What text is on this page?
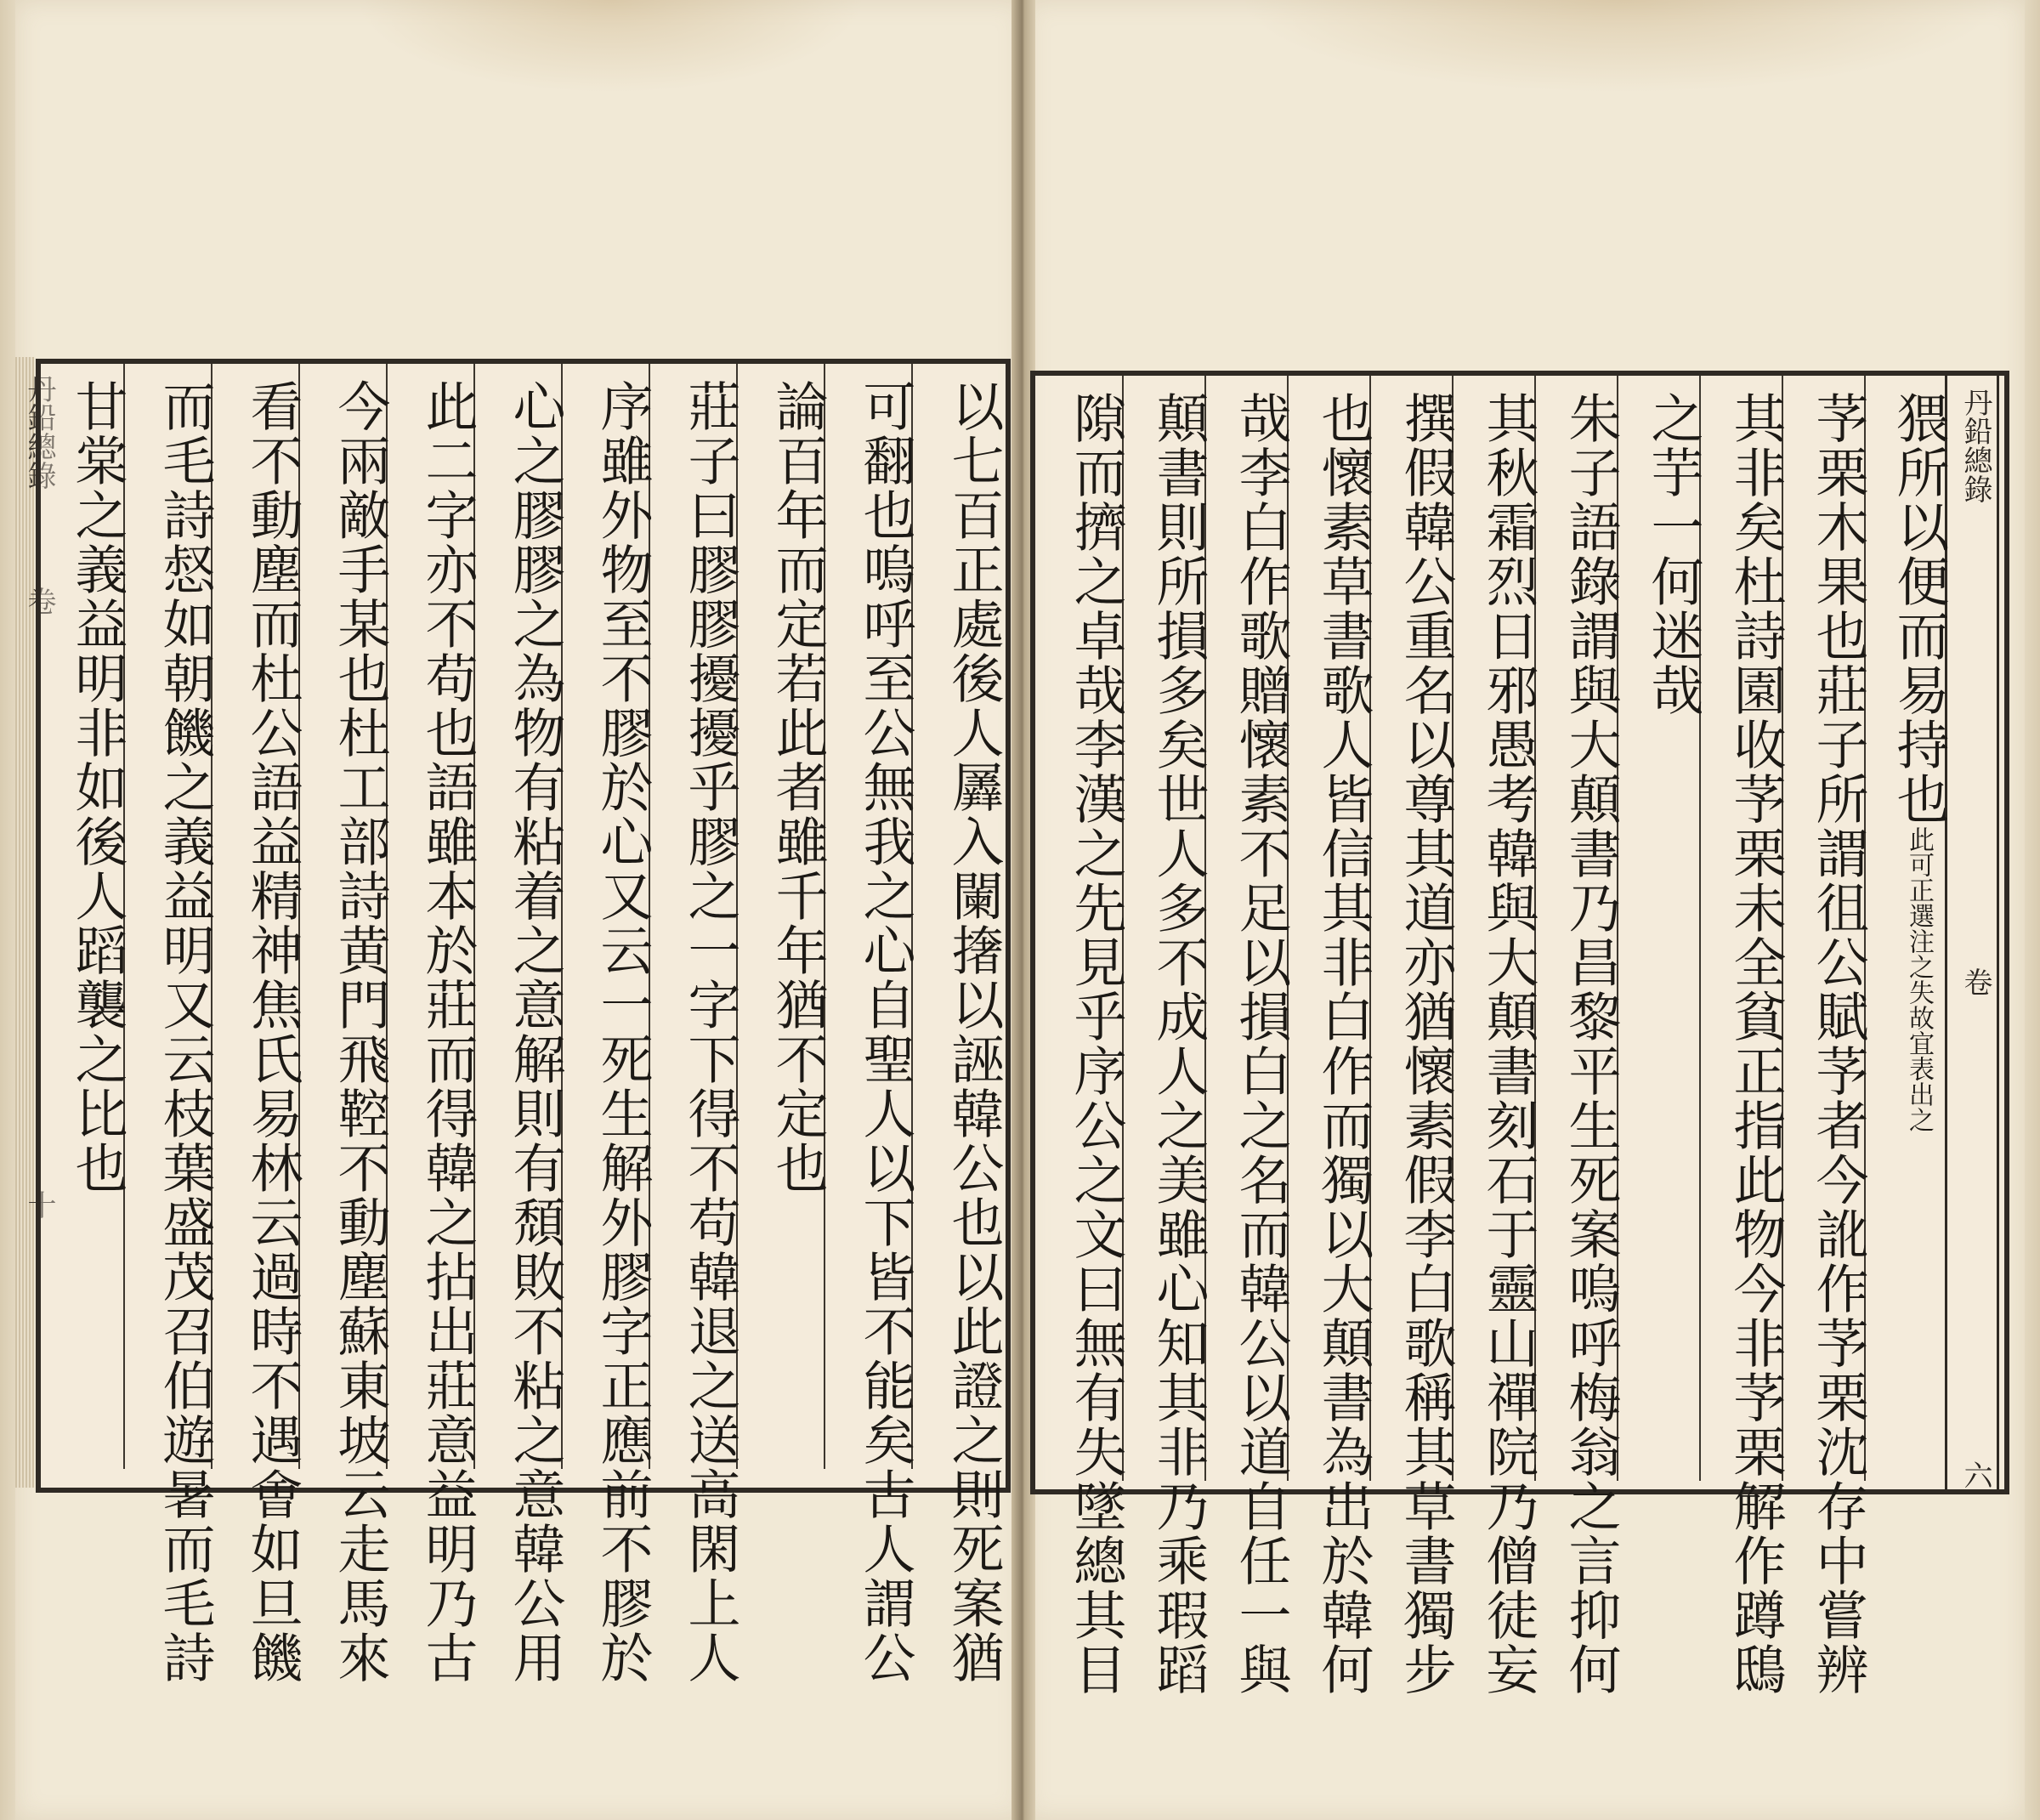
丹鉛總錄
卷
十	以七百正處後人羼入闌撦以誣韓公也以此證之則死案猶
可翻也嗚呼至公無我之心自聖人以下皆不能矣古人謂公
論百年而定若此者雖千年猶不定也
莊子曰膠膠擾擾乎膠之一字下得不苟韓退之送高閑上人
序雖外物至不膠於心又云一死生解外膠字正應前不膠於
心之膠膠之為物有粘着之意解則有頹敗不粘之意韓公用
此二字亦不苟也語雖本於莊而得韓之拈出莊意益明乃古
今兩敵手某也杜工部詩黄門飛鞚不動塵蘇東坡云走馬來
看不動塵而杜公語益精神焦氏易林云過時不遇㑹如旦饑
而毛詩惄如朝饑之義益明又云枝葉盛茂召伯遊暑而毛詩
甘棠之義益明非如後人蹈襲之比也	丹鉛總錄
卷
六
猥所以便而易持也此可正選注之失故宜表出之
芧栗木果也莊子所謂徂公賦芧者今訛作芧栗沈存中嘗辨
其非矣杜詩園收芧栗未全貧正指此物今非芧栗解作蹲鴟
之芋一何迷哉
朱子語錄謂與大顛書乃昌黎平生死案嗚呼梅翁之言抑何
其秋霜烈日邪愚考韓與大顛書刻石于靈山禪院乃僧徒妄
撰假韓公重名以尊其道亦猶懷素假李白歌稱其草書獨步
也懷素草書歌人皆信其非白作而獨以大顛書為出於韓何
哉李白作歌贈懷素不足以損白之名而韓公以道自任一與
顛書則所損多矣世人多不成人之美雖心知其非乃乘瑕蹈
隙而擠之卓哉李漢之先見乎序公之文曰無有失墜總其目
